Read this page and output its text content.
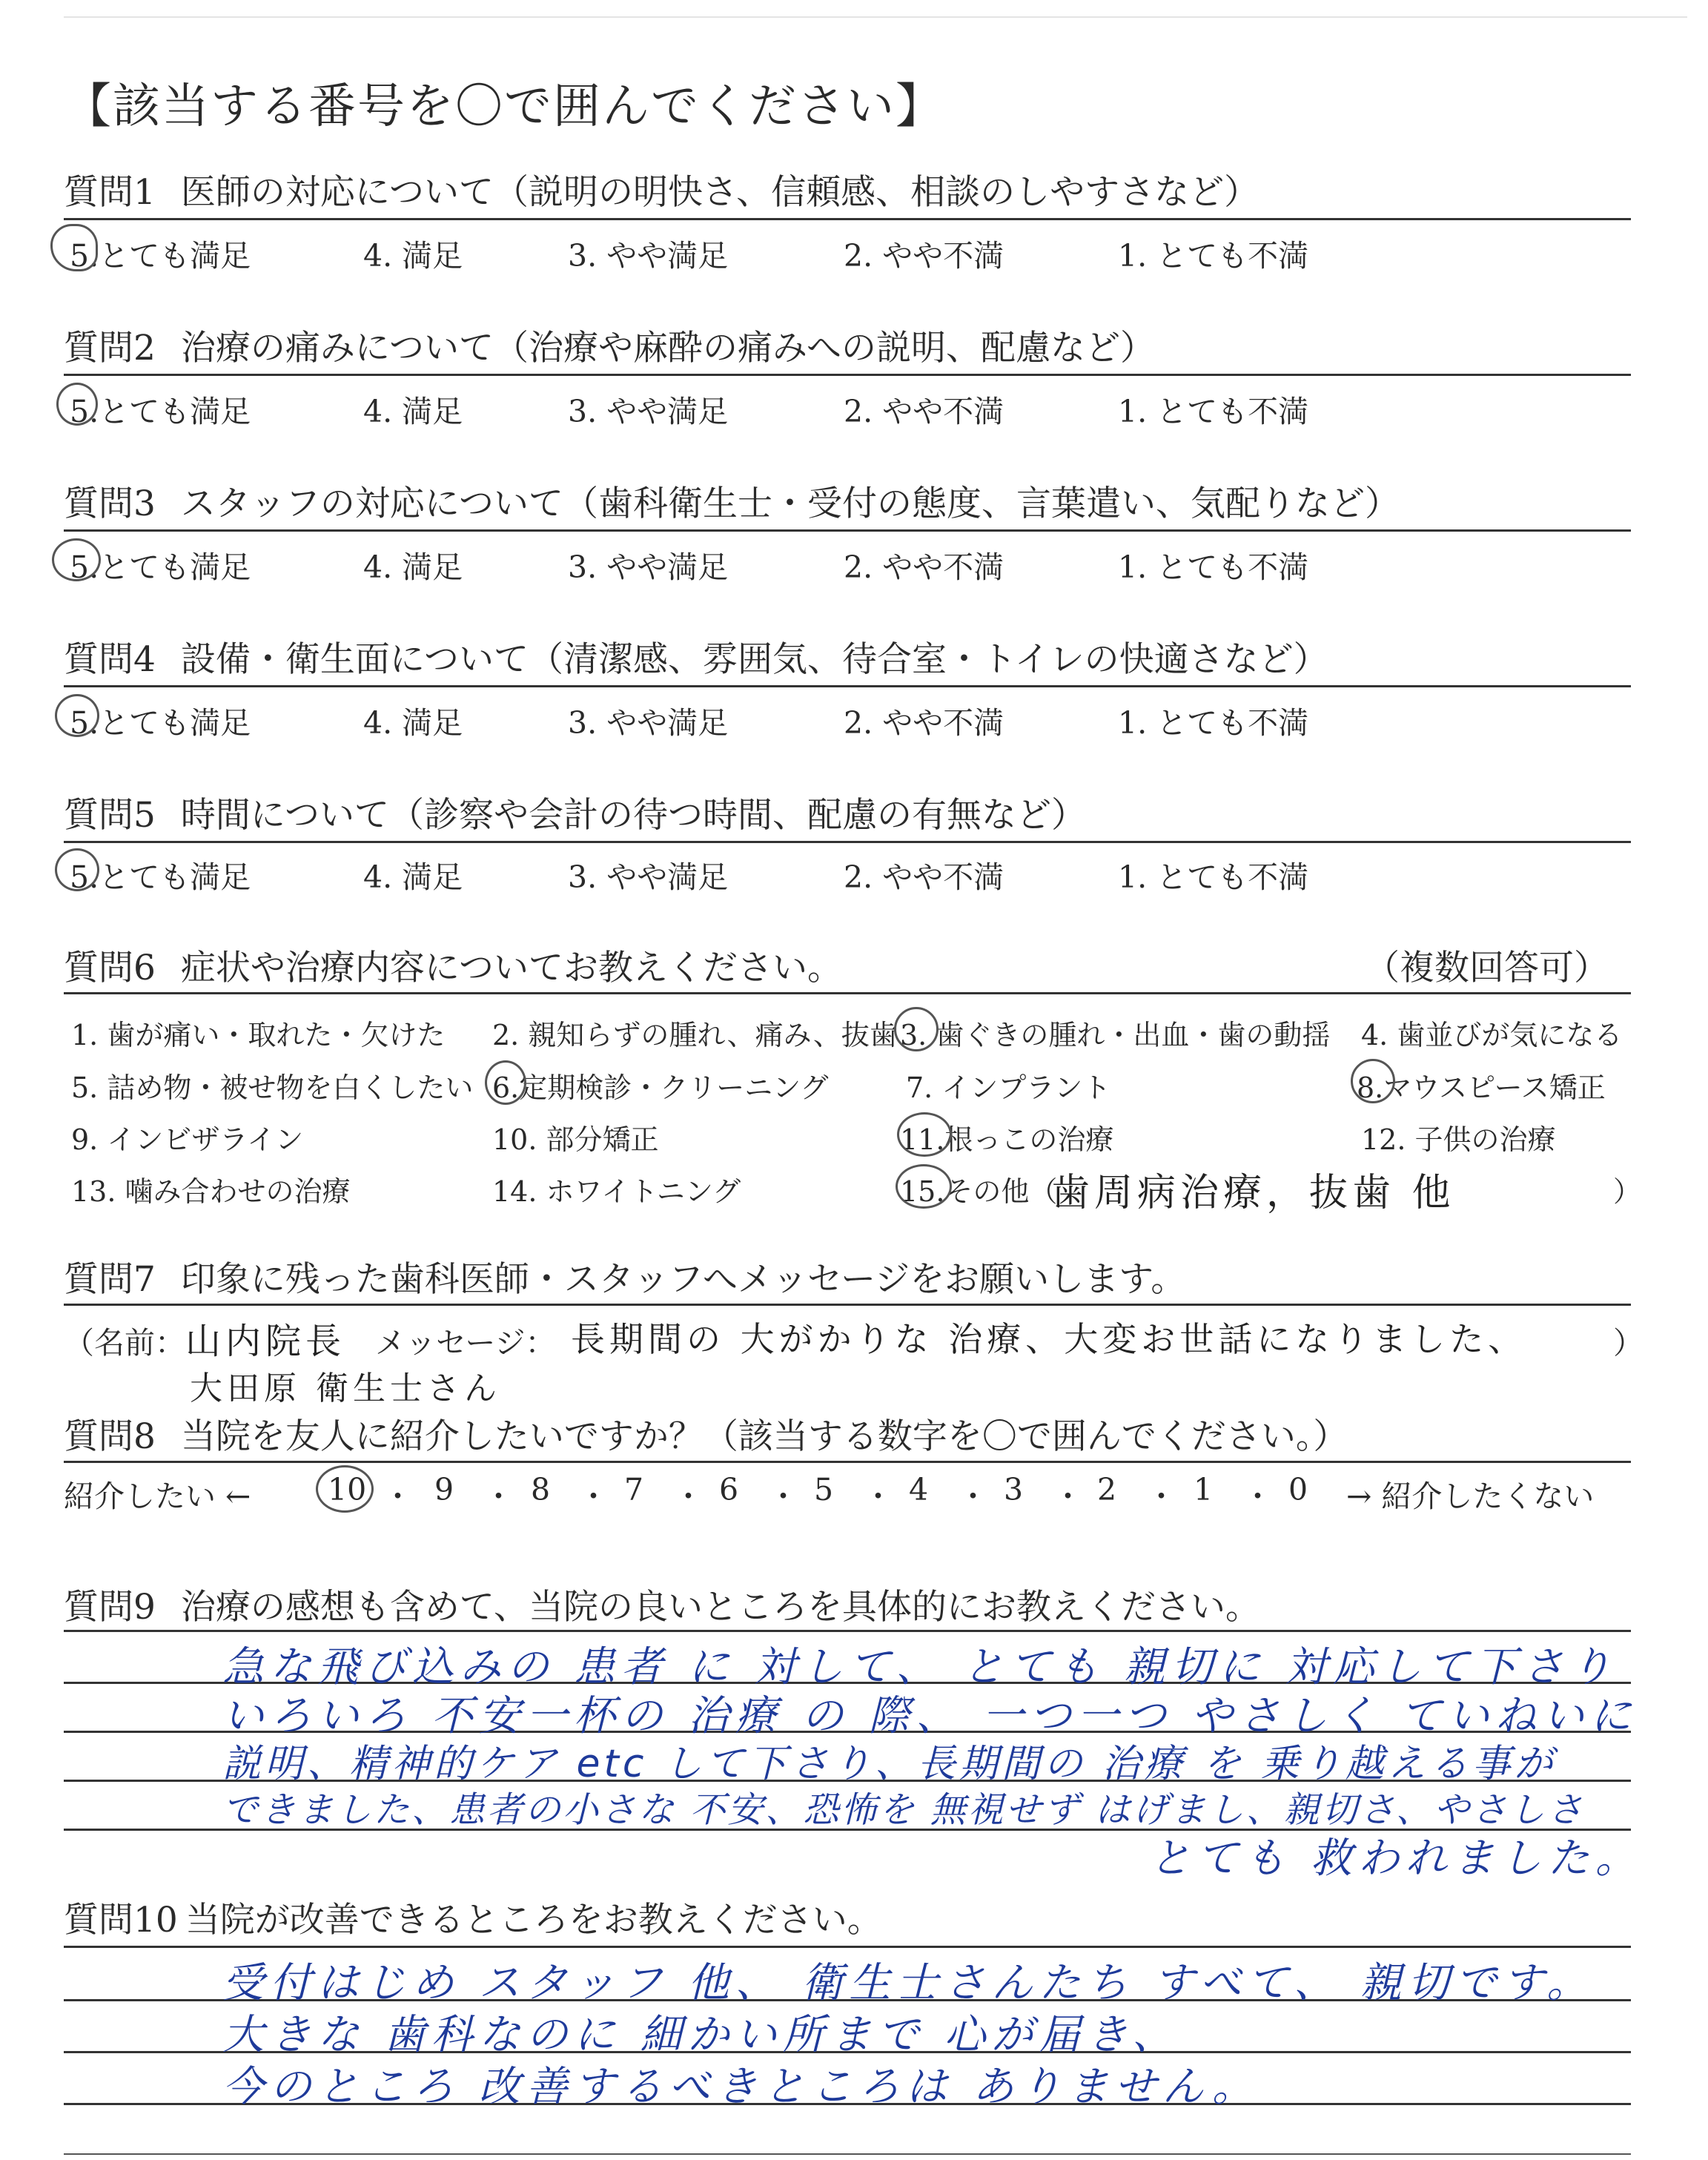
【該当する番号を〇で囲んでください】
質問1 医師の対応について（説明の明快さ、信頼感、相談のしやすさなど）
5.とても満足	4. 満足	3. やや満足	2. やや不満	1. とても不満
質問2 治療の痛みについて（治療や麻酔の痛みへの説明、配慮など）
5.とても満足	4. 満足	3. やや満足	2. やや不満	1. とても不満
質問3 スタッフの対応について（歯科衛生士・受付の態度、言葉遣い、気配りなど）
5.とても満足	4. 満足	3. やや満足	2. やや不満	1. とても不満
質問4 設備・衛生面について（清潔感、雰囲気、待合室・トイレの快適さなど）
5.とても満足	4. 満足	3. やや満足	2. やや不満	1. とても不満
質問5 時間について（診察や会計の待つ時間、配慮の有無など）
5.とても満足	4. 満足	3. やや満足	2. やや不満	1. とても不満
質問6 症状や治療内容についてお教えください。	（複数回答可）
1. 歯が痛い・取れた・欠けた 2. 親知らずの腫れ、痛み、抜歯 3. 歯ぐきの腫れ・出血・歯の動揺 4. 歯並びが気になる
5. 詰め物・被せ物を白くしたい 6.定期検診・クリーニング	7. インプラント	8.マウスピース矯正
9. インビザライン	10. 部分矯正	11.根っこの治療	12. 子供の治療
13. 噛み合わせの治療	14. ホワイトニング	15.その他（
歯周病治療，抜歯 他	）
質問7 印象に残った歯科医師・スタッフへメッセージをお願いします。
（名前： 山内院長 メッセージ： 長期間の 大がかりな 治療、大変お世話になりました、	）
大田原 衛生士さん
質問8 当院を友人に紹介したいですか？（該当する数字を〇で囲んでください。）
紹介したい ←	10 ・ 9 ・ 8 ・ 7 ・ 6 ・ 5 ・ 4 ・ 3 ・ 2 ・ 1 ・ 0 → 紹介したくない
質問9 治療の感想も含めて、当院の良いところを具体的にお教えください。
急な飛び込みの 患者 に 対して、 とても 親切に 対応して下さり
いろいろ 不安一杯の 治療 の 際、 一つ一つ やさしく ていねいに
説明、精神的ケア etc して下さり、長期間の 治療 を 乗り越える事が
できました、患者の小さな 不安、恐怖を 無視せず はげまし、親切さ、やさしさ
とても 救われました。
質問10 当院が改善できるところをお教えください。
受付はじめ スタッフ 他、 衛生士さんたち すべて、 親切です。
大きな 歯科なのに 細かい所まで 心が届き、
今のところ 改善するべきところは ありません。
